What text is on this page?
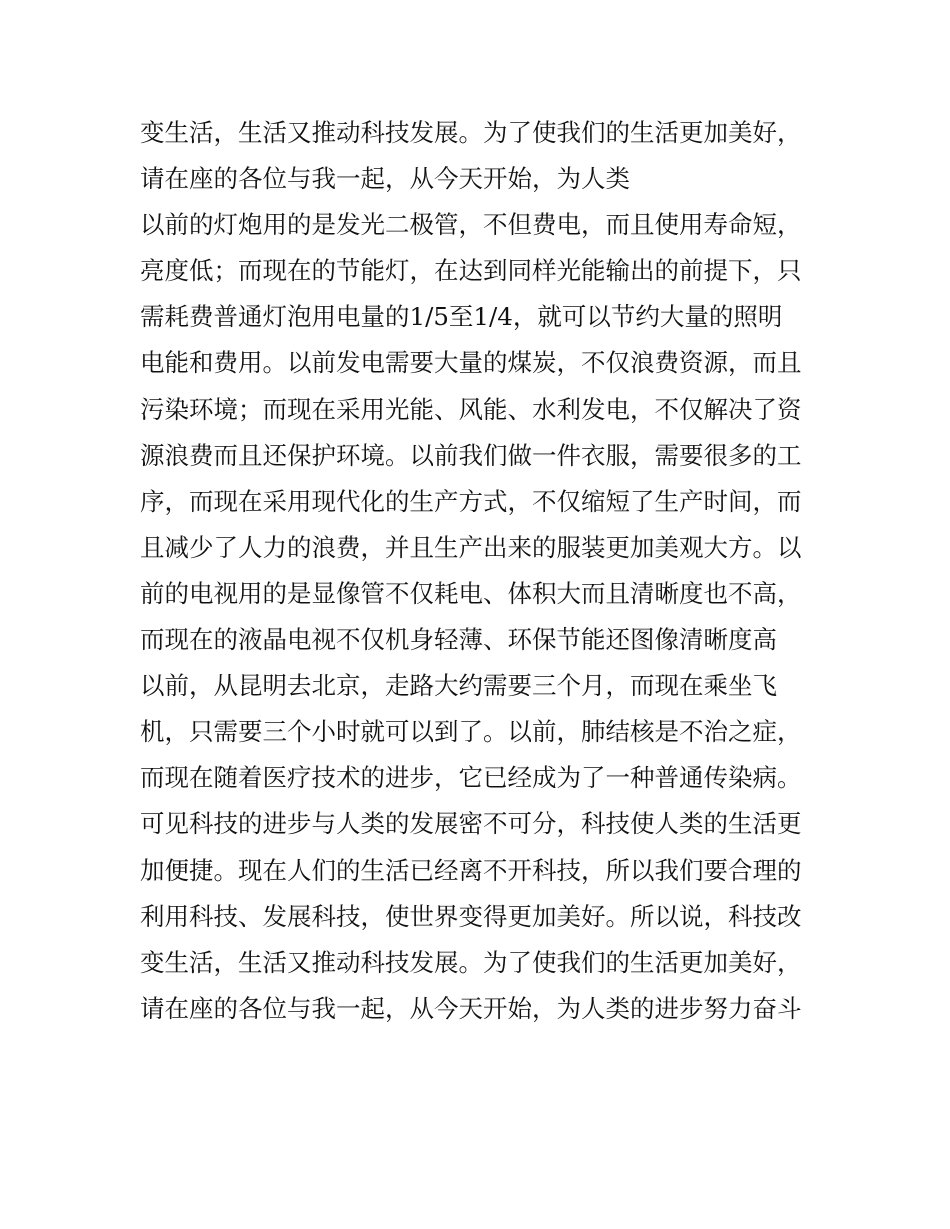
变生活，生活又推动科技发展。为了使我们的生活更加美好，
请在座的各位与我一起，从今天开始，为人类
以前的灯炮用的是发光二极管，不但费电，而且使用寿命短，
亮度低；而现在的节能灯，在达到同样光能输出的前提下，只
需耗费普通灯泡用电量的1/5至1/4，就可以节约大量的照明
电能和费用。以前发电需要大量的煤炭，不仅浪费资源，而且
污染环境；而现在采用光能、风能、水利发电，不仅解决了资
源浪费而且还保护环境。以前我们做一件衣服，需要很多的工
序，而现在采用现代化的生产方式，不仅缩短了生产时间，而
且减少了人力的浪费，并且生产出来的服装更加美观大方。以
前的电视用的是显像管不仅耗电、体积大而且清晰度也不高，
而现在的液晶电视不仅机身轻薄、环保节能还图像清晰度高
以前，从昆明去北京，走路大约需要三个月，而现在乘坐飞
机，只需要三个小时就可以到了。以前，肺结核是不治之症，
而现在随着医疗技术的进步，它已经成为了一种普通传染病。
可见科技的进步与人类的发展密不可分，科技使人类的生活更
加便捷。现在人们的生活已经离不开科技，所以我们要合理的
利用科技、发展科技，使世界变得更加美好。所以说，科技改
变生活，生活又推动科技发展。为了使我们的生活更加美好，
请在座的各位与我一起，从今天开始，为人类的进步努力奋斗
